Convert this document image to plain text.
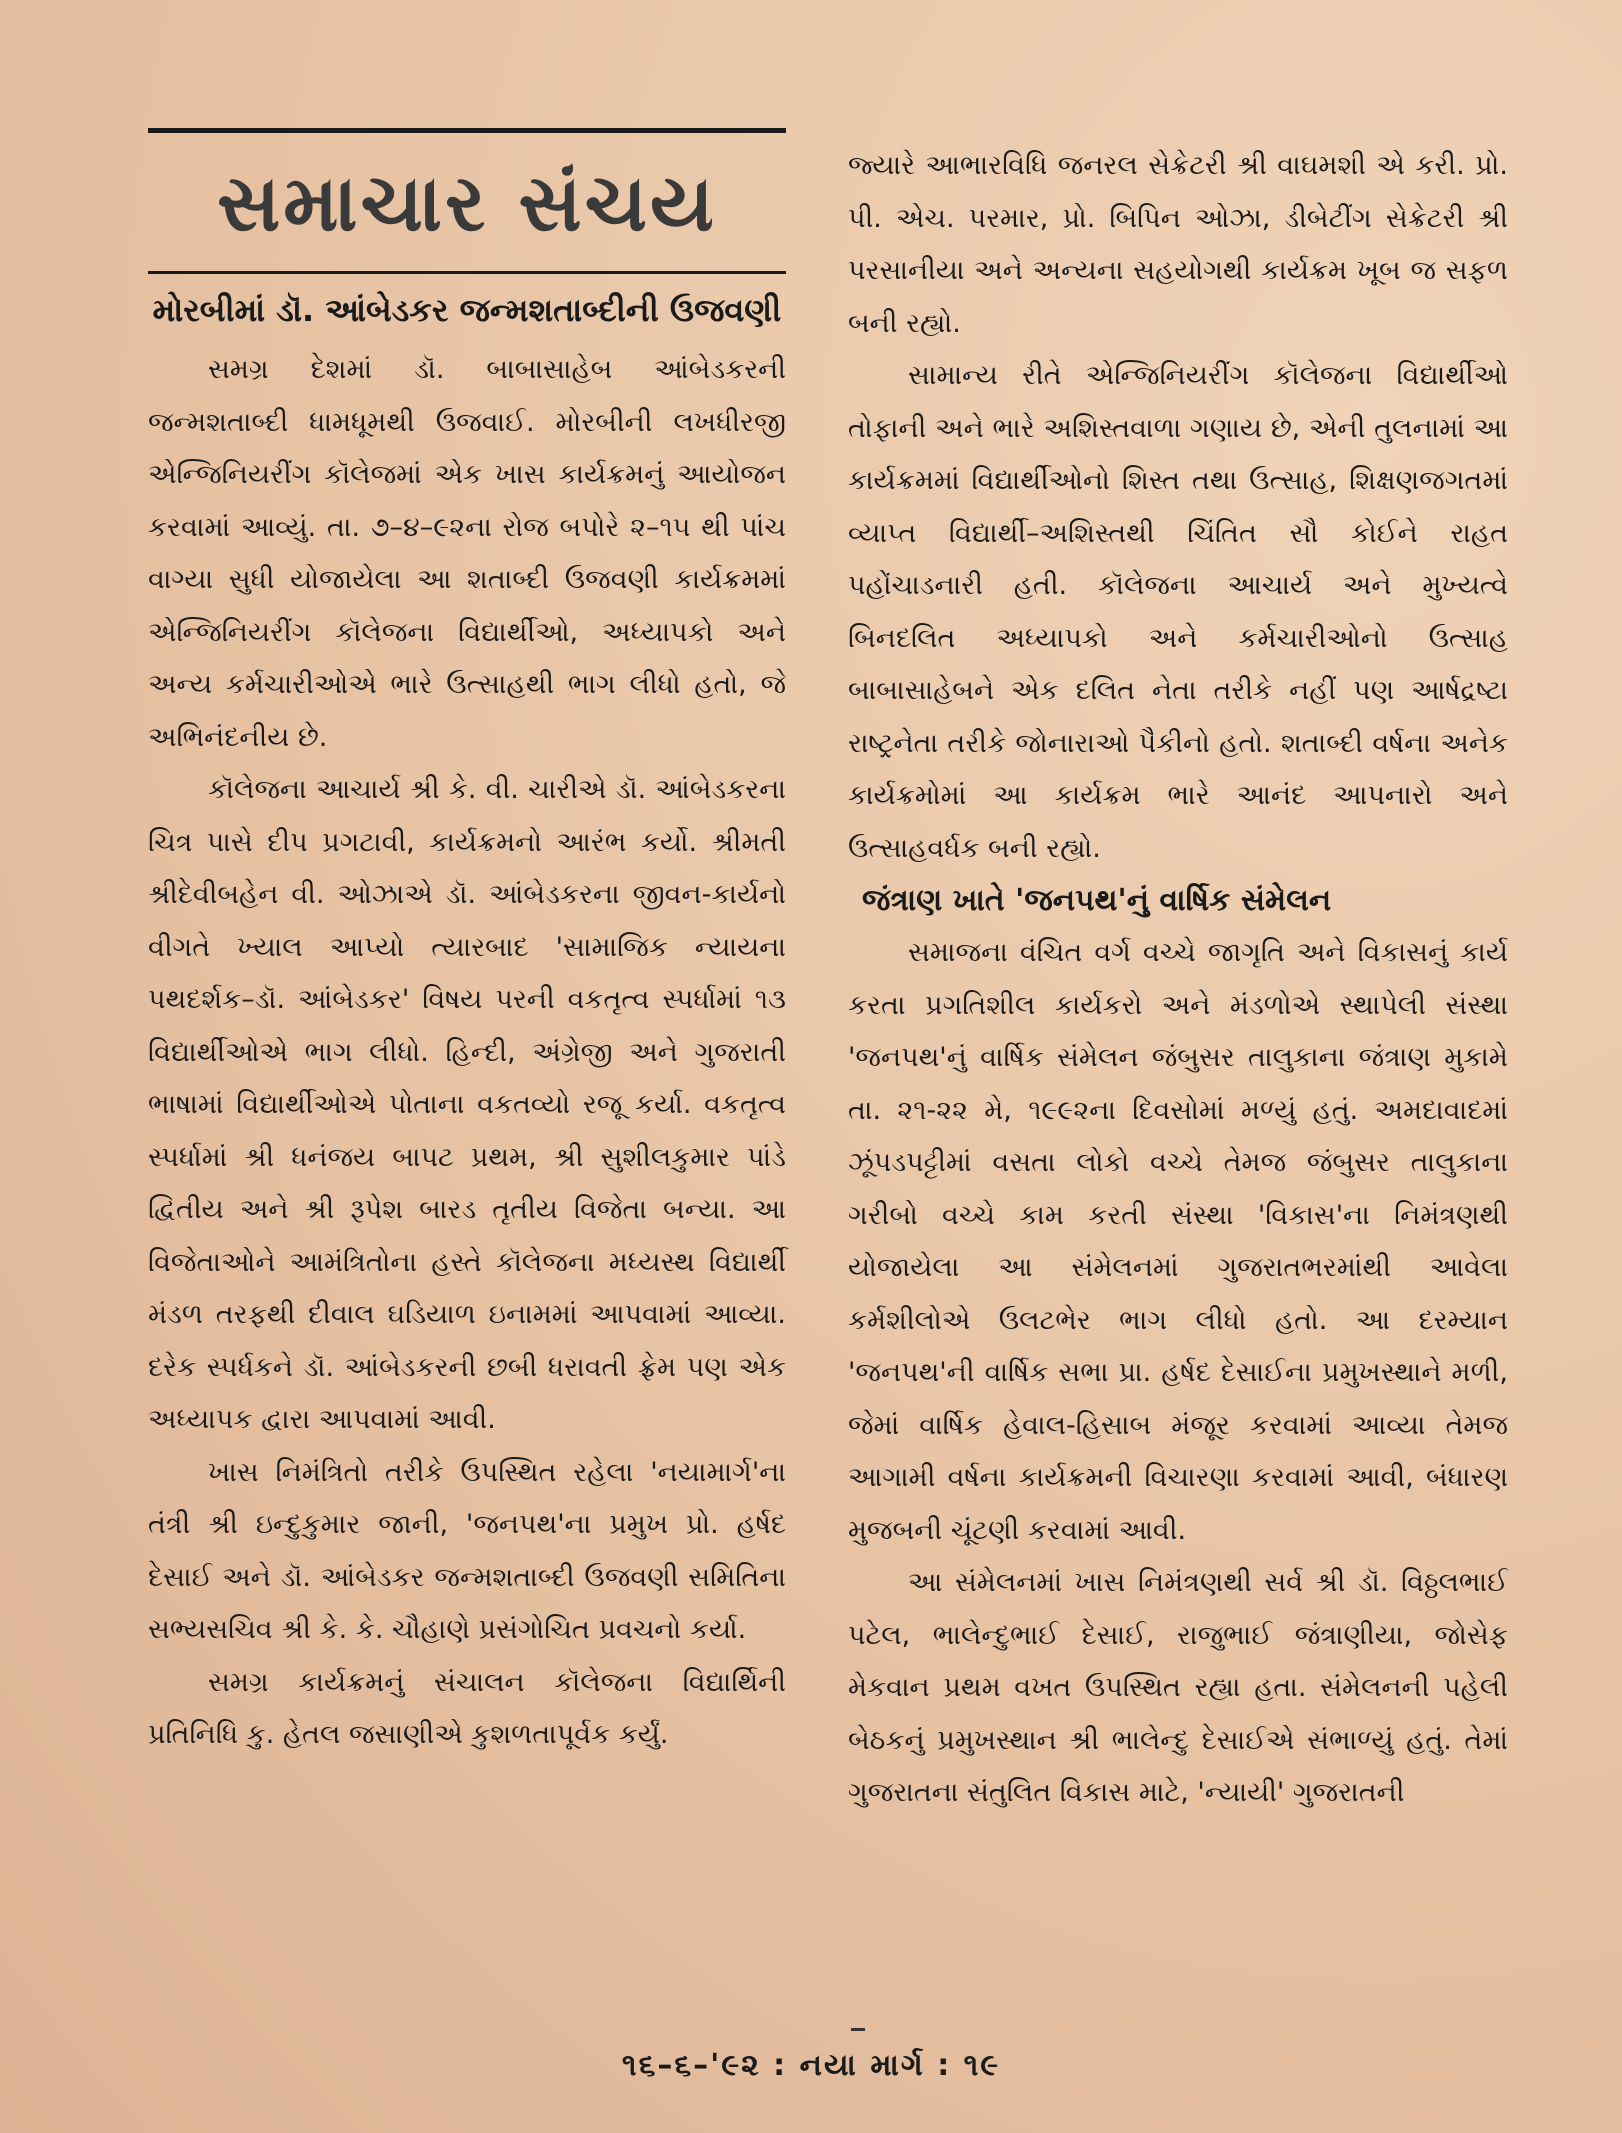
સમાચાર સંચય
મોરબીમાં ડૉ. આંબેડકર જન્મશતાબ્દીની ઉજવણી

સમગ્ર દેશમાં ડૉ. બાબાસાહેબ આંબેડકરની જન્મશતાબ્દી ધામધૂમથી ઉજવાઈ. મોરબીની લખધીરજી એન્જિનિયરીંગ કૉલેજમાં એક ખાસ કાર્યક્રમનું આયોજન કરવામાં આવ્યું. તા. ૭–૪–૯૨ના રોજ બપોરે ૨–૧૫ થી પાંચ વાગ્યા સુધી યોજાયેલા આ શતાબ્દી ઉજવણી કાર્યક્રમમાં એન્જિનિયરીંગ કૉલેજના વિદ્યાર્થીઓ, અધ્યાપકો અને અન્ય કર્મચારીઓએ ભારે ઉત્સાહથી ભાગ લીધો હતો, જે અભિનંદનીય છે.

કૉલેજના આચાર્ય શ્રી કે. વી. ચારીએ ડૉ. આંબેડકરના ચિત્ર પાસે દીપ પ્રગટાવી, કાર્યક્રમનો આરંભ કર્યો. શ્રીમતી શ્રીદેવીબહેન વી. ઓઝાએ ડૉ. આંબેડકરના જીવન-કાર્યનો વીગતે ખ્યાલ આપ્યો ત્યારબાદ 'સામાજિક ન્યાયના પથદર્શક–ડૉ. આંબેડકર' વિષય પરની વકતૃત્વ સ્પર્ધામાં ૧૩ વિદ્યાર્થીઓએ ભાગ લીધો. હિન્દી, અંગ્રેજી અને ગુજરાતી ભાષામાં વિદ્યાર્થીઓએ પોતાના વકતવ્યો રજૂ કર્યા. વકતૃત્વ સ્પર્ધામાં શ્રી ધનંજય બાપટ પ્રથમ, શ્રી સુશીલકુમાર પાંડે દ્વિતીય અને શ્રી રૂપેશ બારડ તૃતીય વિજેતા બન્યા. આ વિજેતાઓને આમંત્રિતોના હસ્તે કૉલેજના મધ્યસ્થ વિદ્યાર્થી મંડળ તરફથી દીવાલ ઘડિયાળ ઇનામમાં આપવામાં આવ્યા. દરેક સ્પર્ધકને ડૉ. આંબેડકરની છબી ધરાવતી ફ્રેમ પણ એક અધ્યાપક દ્વારા આપવામાં આવી.

ખાસ નિમંત્રિતો તરીકે ઉપસ્થિત રહેલા 'નયામાર્ગ'ના તંત્રી શ્રી ઇન્દુકુમાર જાની, 'જનપથ'ના પ્રમુખ પ્રો. હર્ષદ દેસાઈ અને ડૉ. આંબેડકર જન્મશતાબ્દી ઉજવણી સમિતિના સભ્યસચિવ શ્રી કે. કે. ચૌહાણે પ્રસંગોચિત પ્રવચનો કર્યા.

સમગ્ર કાર્યક્રમનું સંચાલન કૉલેજના વિદ્યાર્થિની પ્રતિનિધિ કુ. હેતલ જસાણીએ કુશળતાપૂર્વક કર્યું.

જ્યારે આભારવિધિ જનરલ સેક્રેટરી શ્રી વાઘમશી એ કરી. પ્રો. પી. એચ. પરમાર, પ્રો. બિપિન ઓઝા, ડીબેટીંગ સેક્રેટરી શ્રી પરસાનીયા અને અન્યના સહયોગથી કાર્યક્રમ ખૂબ જ સફળ બની રહ્યો.

સામાન્ય રીતે એન્જિનિયરીંગ કૉલેજના વિદ્યાર્થીઓ તોફાની અને ભારે અશિસ્તવાળા ગણાય છે, એની તુલનામાં આ કાર્યક્રમમાં વિદ્યાર્થીઓનો શિસ્ત તથા ઉત્સાહ, શિક્ષણજગતમાં વ્યાપ્ત વિદ્યાર્થી–અશિસ્તથી ચિંતિત સૌ કોઈને રાહત પહોંચાડનારી હતી. કૉલેજના આચાર્ય અને મુખ્યત્વે બિનદલિત અધ્યાપકો અને કર્મચારીઓનો ઉત્સાહ બાબાસાહેબને એક દલિત નેતા તરીકે નહીં પણ આર્ષદ્રષ્ટા રાષ્ટ્રનેતા તરીકે જોનારાઓ પૈકીનો હતો. શતાબ્દી વર્ષના અનેક કાર્યક્રમોમાં આ કાર્યક્રમ ભારે આનંદ આપનારો અને ઉત્સાહવર્ધક બની રહ્યો.

જંત્રાણ ખાતે 'જનપથ'નું વાર્ષિક સંમેલન

સમાજના વંચિત વર્ગ વચ્ચે જાગૃતિ અને વિકાસનું કાર્ય કરતા પ્રગતિશીલ કાર્યકરો અને મંડળોએ સ્થાપેલી સંસ્થા 'જનપથ'નું વાર્ષિક સંમેલન જંબુસર તાલુકાના જંત્રાણ મુકામે તા. ૨૧-૨૨ મે, ૧૯૯૨ના દિવસોમાં મળ્યું હતું. અમદાવાદમાં ઝૂંપડપટ્ટીમાં વસતા લોકો વચ્ચે તેમજ જંબુસર તાલુકાના ગરીબો વચ્ચે કામ કરતી સંસ્થા 'વિકાસ'ના નિમંત્રણથી યોજાયેલા આ સંમેલનમાં ગુજરાતભરમાંથી આવેલા કર્મશીલોએ ઉલટભેર ભાગ લીધો હતો. આ દરમ્યાન 'જનપથ'ની વાર્ષિક સભા પ્રા. હર્ષદ દેસાઈના પ્રમુખસ્થાને મળી, જેમાં વાર્ષિક હેવાલ-હિસાબ મંજૂર કરવામાં આવ્યા તેમજ આગામી વર્ષના કાર્યક્રમની વિચારણા કરવામાં આવી, બંધારણ મુજબની ચૂંટણી કરવામાં આવી.

આ સંમેલનમાં ખાસ નિમંત્રણથી સર્વ શ્રી ડૉ. વિઠ્ઠલભાઈ પટેલ, ભાલેન્દુભાઈ દેસાઈ, રાજુભાઈ જંત્રાણીયા, જોસેફ મેકવાન પ્રથમ વખત ઉપસ્થિત રહ્યા હતા. સંમેલનની પહેલી બેઠકનું પ્રમુખસ્થાન શ્રી ભાલેન્દુ દેસાઈએ સંભાળ્યું હતું. તેમાં ગુજરાતના સંતુલિત વિકાસ માટે, 'ન્યાયી' ગુજરાતની

૧૬–૬–'૯૨ : નયા માર્ગ : ૧૯
